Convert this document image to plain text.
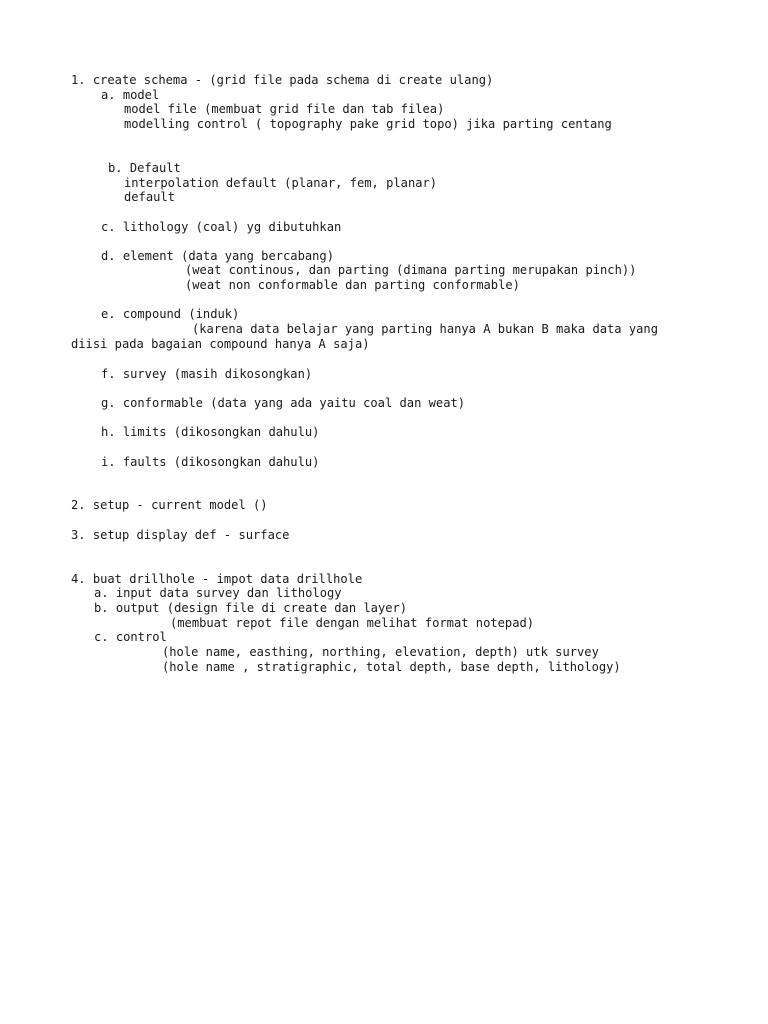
1. create schema - (grid file pada schema di create ulang)

a. model

model file (membuat grid file dan tab filea)

modelling control ( topography pake grid topo) jika parting centang

b. Default

interpolation default (planar, fem, planar)

default

c. lithology (coal) yg dibutuhkan

d. element (data yang bercabang)

(weat continous, dan parting (dimana parting merupakan pinch))

(weat non conformable dan parting conformable)

e. compound (induk)

(karena data belajar yang parting hanya A bukan B maka data yang

diisi pada bagaian compound hanya A saja)

f. survey (masih dikosongkan)

g. conformable (data yang ada yaitu coal dan weat)

h. limits (dikosongkan dahulu)

i. faults (dikosongkan dahulu)

2. setup - current model ()

3. setup display def - surface

4. buat drillhole - impot data drillhole

a. input data survey dan lithology

b. output (design file di create dan layer)

(membuat repot file dengan melihat format notepad)

c. control

(hole name, easthing, northing, elevation, depth) utk survey

(hole name , stratigraphic, total depth, base depth, lithology)
